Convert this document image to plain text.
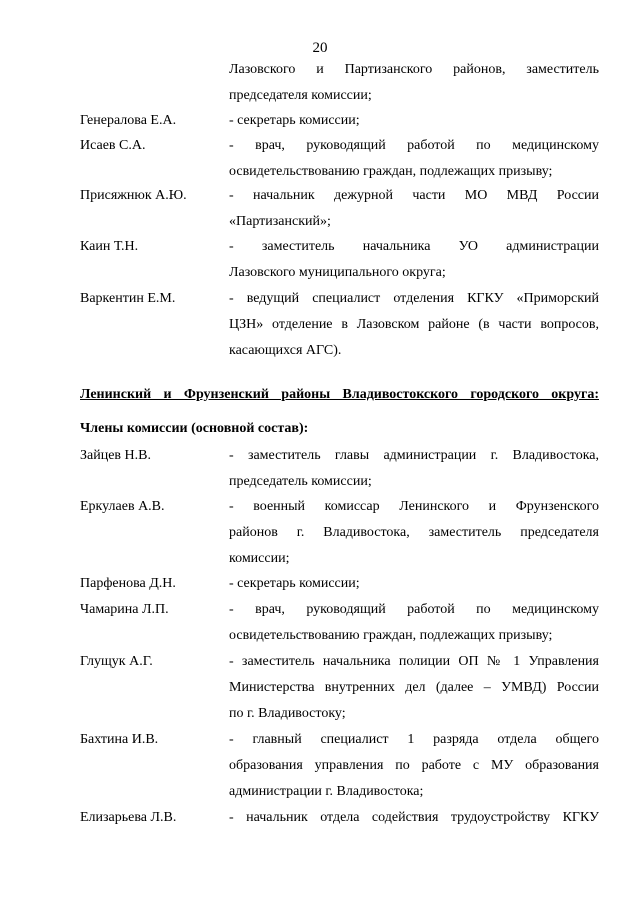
20
Лазовского и Партизанского районов, заместитель
председателя комиссии;
Генералова Е.А.	- секретарь комиссии;
Исаев С.А.	- врач, руководящий работой по медицинскому
освидетельствованию граждан, подлежащих призыву;
Присяжнюк А.Ю.	- начальник дежурной части МО МВД России
«Партизанский»;
Каин Т.Н.	- заместитель начальника УО администрации
Лазовского муниципального округа;
Варкентин Е.М.	- ведущий специалист отделения КГКУ «Приморский
ЦЗН» отделение в Лазовском районе (в части вопросов,
касающихся АГС).
Ленинский и Фрунзенский районы Владивостокского городского округа:
Члены комиссии (основной состав):
Зайцев Н.В.	- заместитель главы администрации г. Владивостока,
председатель комиссии;
Еркулаев А.В.	- военный комиссар Ленинского и Фрунзенского
районов г. Владивостока, заместитель председателя
комиссии;
Парфенова Д.Н.	- секретарь комиссии;
Чамарина Л.П.	- врач, руководящий работой по медицинскому
освидетельствованию граждан, подлежащих призыву;
Глущук А.Г.	- заместитель начальника полиции ОП № 1 Управления
Министерства внутренних дел (далее – УМВД) России
по г. Владивостоку;
Бахтина И.В.	- главный специалист 1 разряда отдела общего
образования управления по работе с МУ образования
администрации г. Владивостока;
Елизарьева Л.В.	- начальник отдела содействия трудоустройству КГКУ
